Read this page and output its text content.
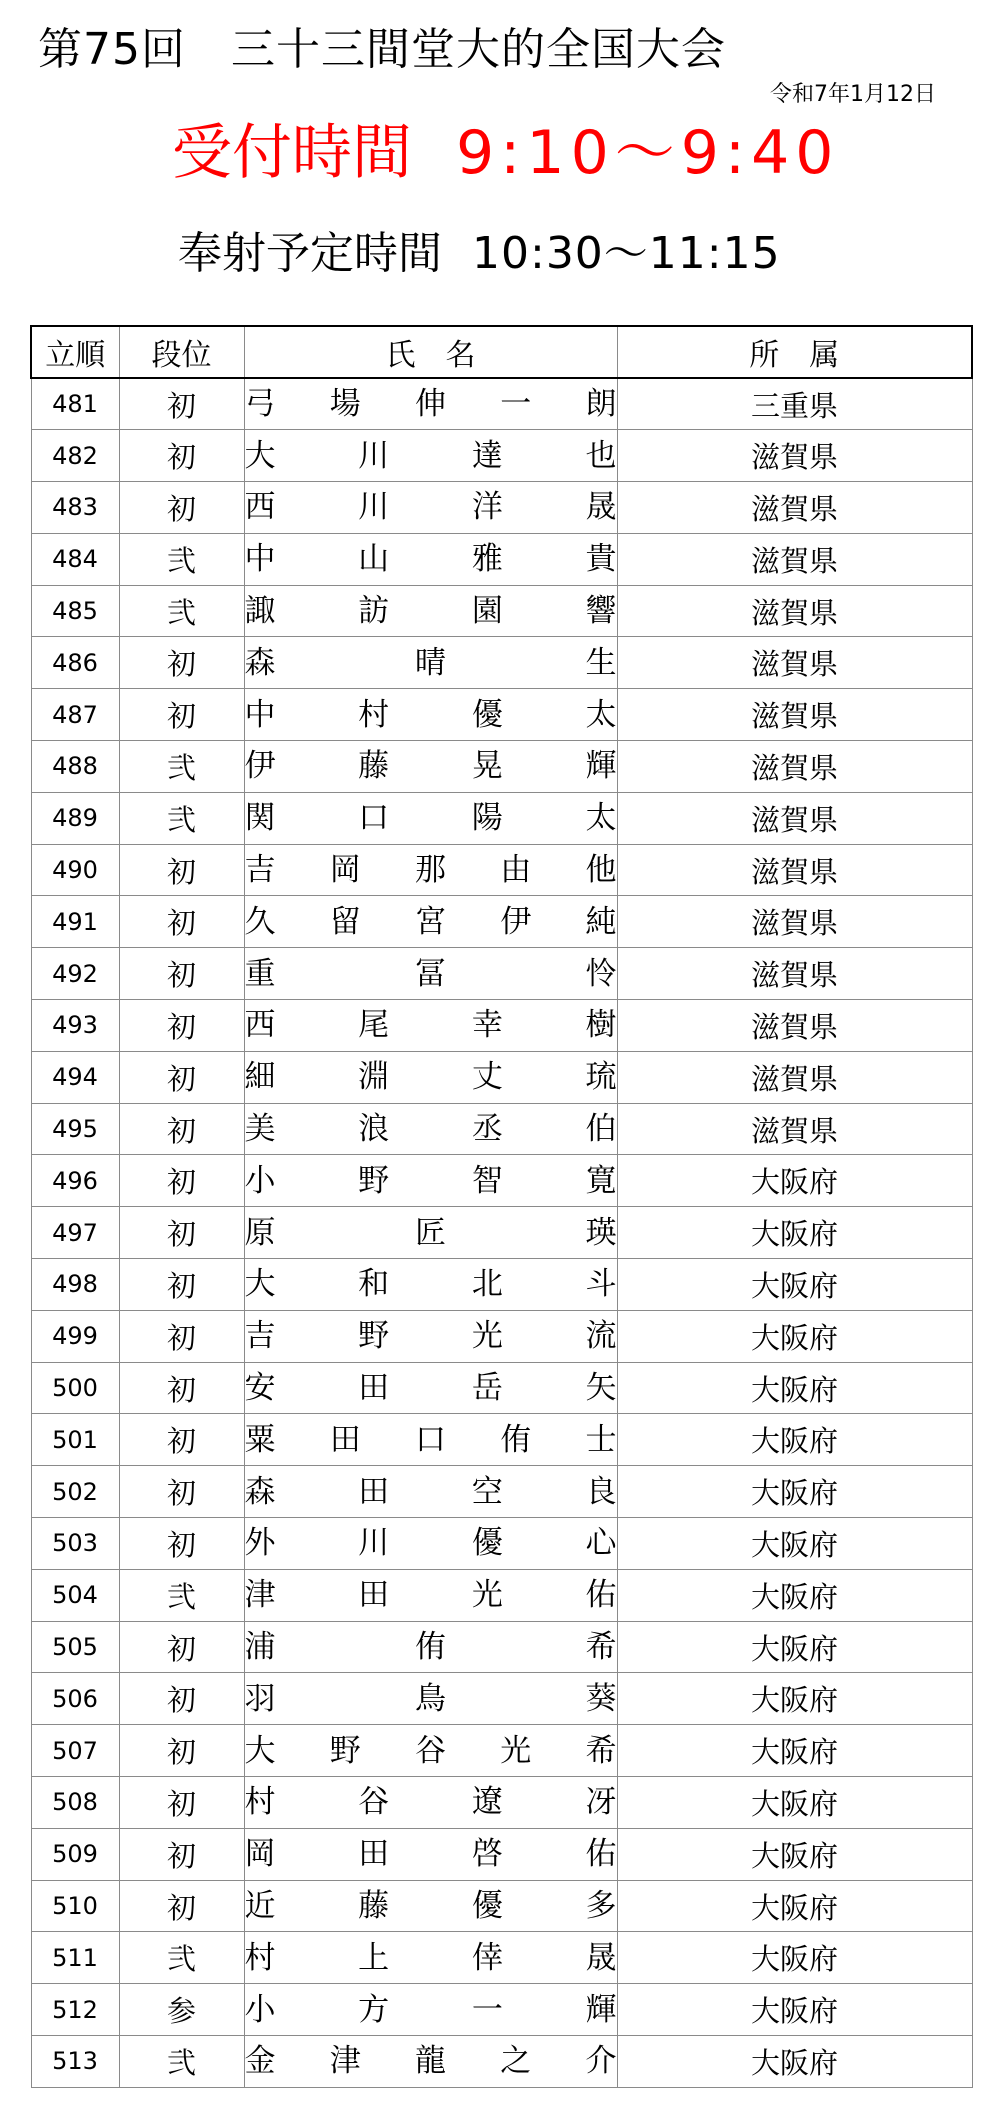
第75回　三十三間堂大的全国大会
令和7年1月12日
受付時間 9:10～9:40
奉射予定時間 10:30～11:15
立順	段位	氏　名	所　属
481	初	弓 場 伸 一 朗	三重県
482	初	大 川 達 也	滋賀県
483	初	西 川 洋 晟	滋賀県
484	弐	中 山 雅 貴	滋賀県
485	弐	諏 訪 園 響	滋賀県
486	初	森 晴 生	滋賀県
487	初	中 村 優 太	滋賀県
488	弐	伊 藤 晃 輝	滋賀県
489	弐	関 口 陽 太	滋賀県
490	初	吉 岡 那 由 他	滋賀県
491	初	久 留 宮 伊 純	滋賀県
492	初	重 冨 怜	滋賀県
493	初	西 尾 幸 樹	滋賀県
494	初	細 淵 丈 琉	滋賀県
495	初	美 浪 丞 伯	滋賀県
496	初	小 野 智 寛	大阪府
497	初	原 匠 瑛	大阪府
498	初	大 和 北 斗	大阪府
499	初	吉 野 光 流	大阪府
500	初	安 田 岳 矢	大阪府
501	初	粟 田 口 侑 士	大阪府
502	初	森 田 空 良	大阪府
503	初	外 川 優 心	大阪府
504	弐	津 田 光 佑	大阪府
505	初	浦 侑 希	大阪府
506	初	羽 鳥 葵	大阪府
507	初	大 野 谷 光 希	大阪府
508	初	村 谷 遼 冴	大阪府
509	初	岡 田 啓 佑	大阪府
510	初	近 藤 優 多	大阪府
511	弐	村 上 倖 晟	大阪府
512	参	小 方 一 輝	大阪府
513	弐	金 津 龍 之 介	大阪府
